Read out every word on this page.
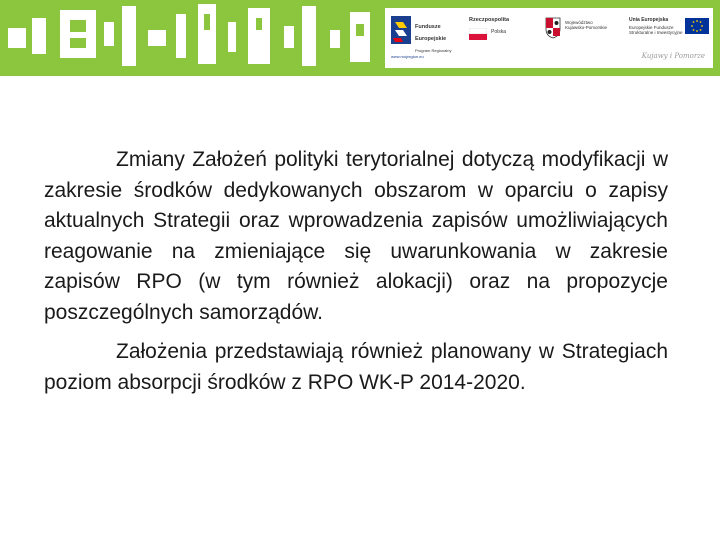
Fundusze

Europejskie

Program Regionalny

Rzeczpospolita
Polska
Województwo Kujawsko-Pomorskie
Unia Europejska
Europejskie Fundusze Strukturalne i Inwestycyjne
www.mojregion.eu	Kujawy i Pomorze

Zmiany Założeń polityki terytorialnej dotyczą modyfikacji w zakresie środków dedykowanych obszarom w oparciu o zapisy aktualnych Strategii oraz wprowadzenia zapisów umożliwiających reagowanie na zmieniające się uwarunkowania w zakresie zapisów RPO (w tym również alokacji) oraz na propozycje poszczególnych samorządów.

Założenia przedstawiają również planowany w Strategiach poziom absorpcji środków z RPO WK-P 2014-2020.
